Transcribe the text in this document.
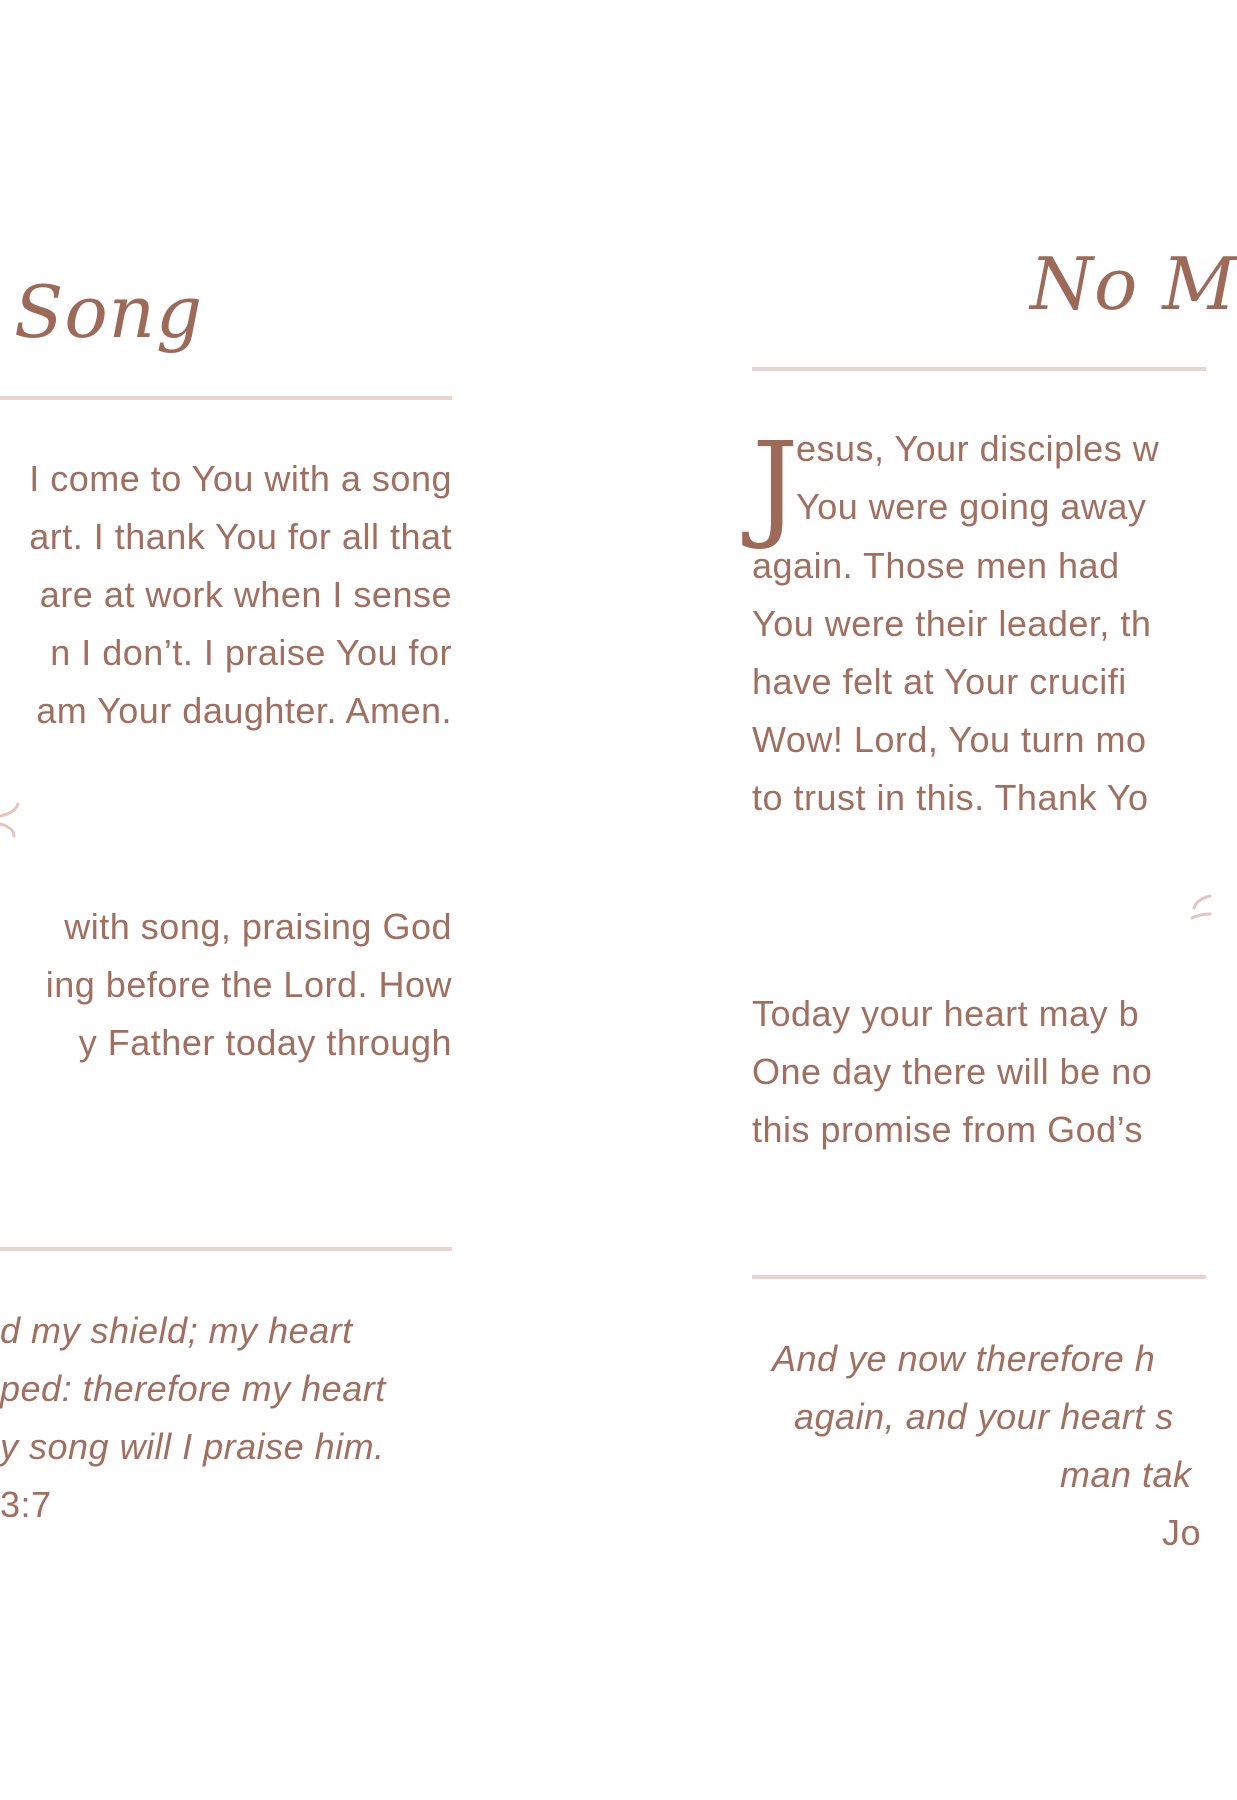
Song
I come to You with a song
art. I thank You for all that
are at work when I sense
n I don’t. I praise You for
am Your daughter. Amen.
with song, praising God
ing before the Lord. How
y Father today through
d my shield; my heart
ped: therefore my heart
y song will I praise him.
3:7
No M
J
esus, Your disciples w
You were going away
again. Those men had
You were their leader, th
have felt at Your crucifi
Wow! Lord, You turn mo
to trust in this. Thank Yo
Today your heart may b
One day there will be no
this promise from God’s
And ye now therefore h
again, and your heart s
man tak
Jo
